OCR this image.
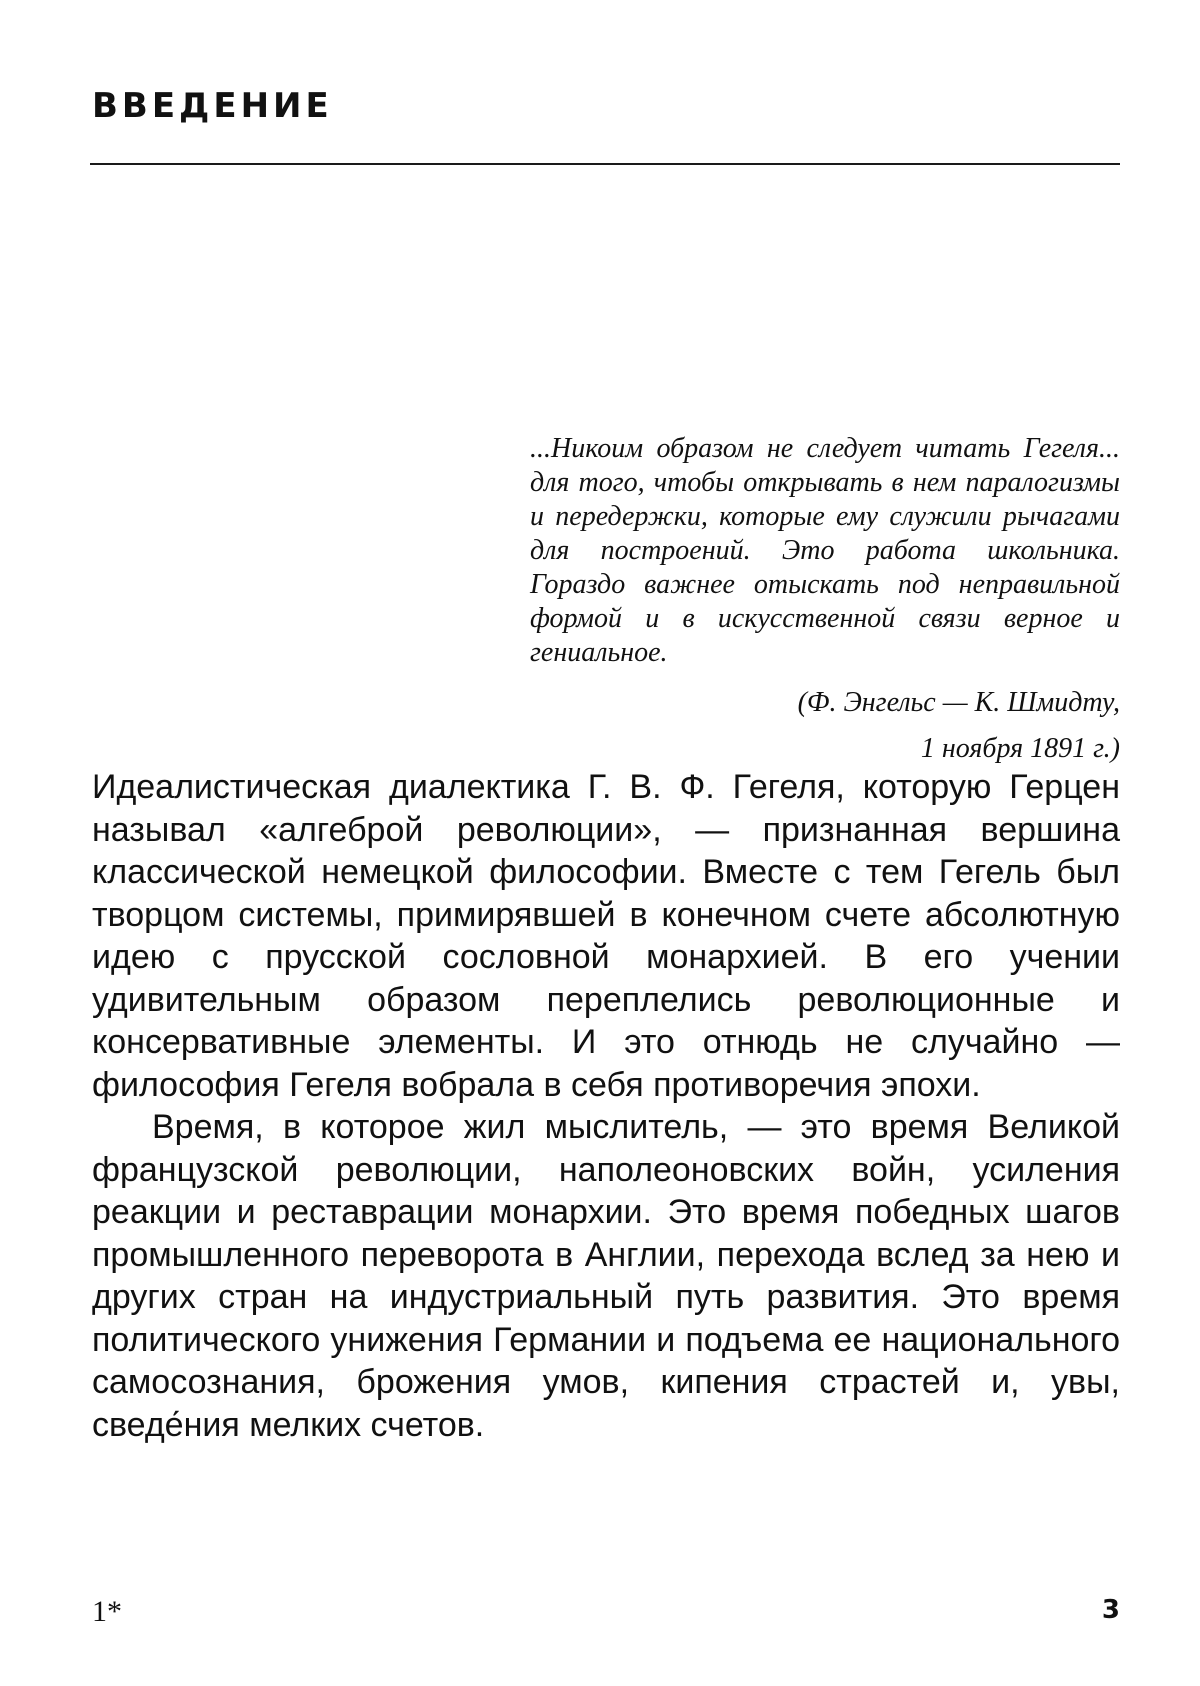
ВВЕДЕНИЕ

...Никоим образом не следует читать Гегеля... для того, чтобы открывать в нем паралогизмы и передержки, которые ему служили рычагами для построений. Это работа школьника. Гораздо важнее отыскать под неправильной формой и в искусственной связи верное и гениальное.

(Ф. Энгельс — К. Шмидту,
1 ноября 1891 г.)

Идеалистическая диалектика Г. В. Ф. Гегеля, которую Герцен называл «алгеброй революции», — признанная вершина классической немецкой философии. Вместе с тем Гегель был творцом системы, примирявшей в конечном счете абсолютную идею с прусской сословной монархией. В его учении удивительным образом переплелись революционные и консервативные элементы. И это отнюдь не случайно — философия Гегеля вобрала в себя противоречия эпохи.

Время, в которое жил мыслитель, — это время Великой французской революции, наполеоновских войн, усиления реакции и реставрации монархии. Это время победных шагов промышленного переворота в Англии, перехода вслед за нею и других стран на индустриальный путь развития. Это время политического унижения Германии и подъема ее национального самосознания, брожения умов, кипения страстей и, увы, сведе́ния мелких счетов.

1*	3
